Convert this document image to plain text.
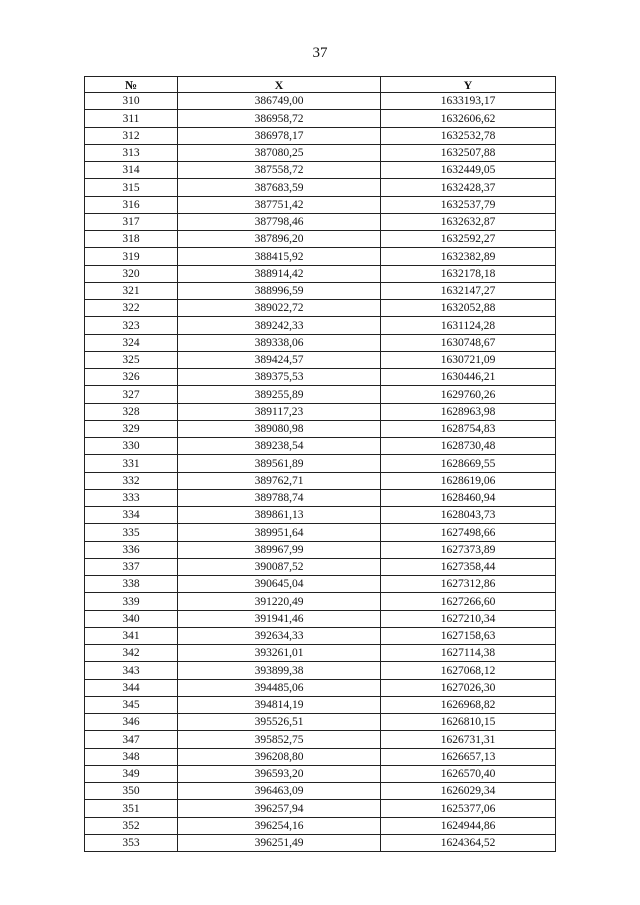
37
№	X	Y
310	386749,00	1633193,17
311	386958,72	1632606,62
312	386978,17	1632532,78
313	387080,25	1632507,88
314	387558,72	1632449,05
315	387683,59	1632428,37
316	387751,42	1632537,79
317	387798,46	1632632,87
318	387896,20	1632592,27
319	388415,92	1632382,89
320	388914,42	1632178,18
321	388996,59	1632147,27
322	389022,72	1632052,88
323	389242,33	1631124,28
324	389338,06	1630748,67
325	389424,57	1630721,09
326	389375,53	1630446,21
327	389255,89	1629760,26
328	389117,23	1628963,98
329	389080,98	1628754,83
330	389238,54	1628730,48
331	389561,89	1628669,55
332	389762,71	1628619,06
333	389788,74	1628460,94
334	389861,13	1628043,73
335	389951,64	1627498,66
336	389967,99	1627373,89
337	390087,52	1627358,44
338	390645,04	1627312,86
339	391220,49	1627266,60
340	391941,46	1627210,34
341	392634,33	1627158,63
342	393261,01	1627114,38
343	393899,38	1627068,12
344	394485,06	1627026,30
345	394814,19	1626968,82
346	395526,51	1626810,15
347	395852,75	1626731,31
348	396208,80	1626657,13
349	396593,20	1626570,40
350	396463,09	1626029,34
351	396257,94	1625377,06
352	396254,16	1624944,86
353	396251,49	1624364,52
